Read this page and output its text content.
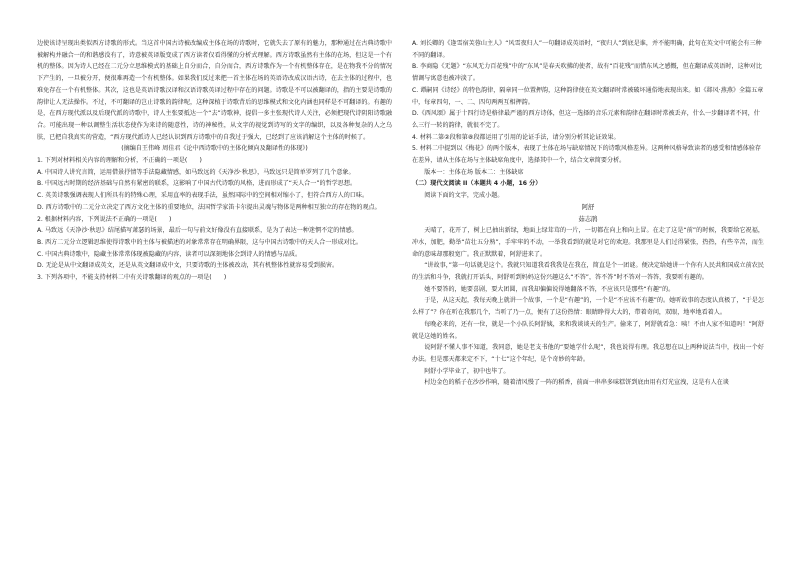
边使该诗呈现出类似西方诗歌的形式。当这首中国古诗被改编成主体在场的诗歌时，它就失去了原有的魅力，那种通过在古典诗歌中被解构并融合一的和谐感没有了，诗意被英译版变成了西方读者仅看得懂的分析式理解。西方诗歌虽然有主体的在场，但这是一个有机的整体。因为诗人已经在二元分立思维模式的基础上自分而合，自分而合，西方诗歌作为一个有机整体存在，是在物我不分的情况下产生的，一旦被分开，便很难再造一个有机整体。如果我们反过来把一首主体在场的英语诗改成汉语古诗，在去主体的过程中，也难免存在一个有机整体。其次，这也是英语诗歌汉译和汉语诗歌英译过程中存在的问题。诗歌是不可以被翻译的，指的主要是诗歌的韵律让人无法操作。不过，不可翻译的岂止诗歌的韵律呢，这种深植于诗歌背后的思维模式和文化内涵也同样是不可翻译的。有趣的是，在西方现代派以及后现代派的诗歌中，诗人主张要抵达一个“去”诗歌神，提倡一多主张现代诗人关注，必须把现代诗阴阳诗歌融合。可能出现一种以调整生活状态使作为来诗的随意性，诗的神秘性，从文字的视觉到诗写的文字的编织，以及各种复杂的人之乌肤，已把自我真实的营造，“西方现代派诗人已经认识到西方诗歌中的自我过于强大，已经到了应该消解这个主体的时候了。

(摘编自王伟峰 周佳君《论中西诗歌中的主体化倾向及翻译性的体现》)

1. 下列对材料相关内容的理解和分析，不正确的一项是(　　)

A. 中国诗人讲究言简，运用借景抒情等手法隐藏情感，如马致远的《天净沙·秋思》，马致远只是简单罗列了几个意象。

B. 中国远古时期的经济基础与自然有紧密的联系，这影响了中国古代诗歌的风格，进而形成了“天人合一”的哲学思想。

C. 英美诗歌强调表现人们所具有的特殊心理，采用直率的表现手法，虽然国际中的空间相对缩小了，但符合西方人的口味。

D. 西方诗歌中的二元分立决定了西方文化主体的重要地位，法国哲学家笛卡尔提出灵魂与物体是两种相互独立的存在物的观点。

2. 根据材料内容，下列说法不正确的一项是(　　)

A. 马致远《天净沙·秋思》结尾描写萧瑟的场景，最后一句与前文好像没有直接联系，是为了表达一种迷惘不定的情感。

B. 西方二元分立逻辑思维使得诗歌中的主体与被描述的对象常常存在明确界限，这与中国古诗歌中的天人合一形成对比。

C. 中国古典诗歌中，隐藏主体常常体现被隐藏的内容，读者可以深刻地体会到诗人的情感与品质。

D. 无论是从中文翻译成英文，还是从英文翻译成中文，只要诗歌的主体被改动，其有机整体性就容易受到损害。

3. 下列各项中，不能支持材料二中有关诗歌翻译的观点的一项是(　　)

A. 刘长卿的《逢雪宿芙蓉山主人》“风雪夜归人”一句翻译成英语时，“夜归人”到底是谁，并不能明确，此句在英文中可能会有三种不同的翻译。

B. 李商隐《无题》“东风无力百花残”中的“东风”是春天吹拂的使者，故有“百花残”而惜东风之感慨，但在翻译成英语时，这种对比情调与寓意也被冲淡了。

C. 谭嗣同《诗经》的特色韵律，隔章同一位置押韵，这种韵律使在英文翻译时常被破坏通俗地表现出来。如《邶风·燕燕》全篇五章中，每章四句，一、二、四句两两互相押韵。

D.《西风颂》属于十四行诗是格律最严谨的西方诗体，但这一选择的音乐元素和韵律在翻译时常被丢弃，什么一步翻译者不同，什么三行一转的韵律，就很不完了。

4. 材料二第②段和第⑧段都运用了引用的论证手法，请分别分析其论证效果。

5. 材料二中提到以《梅花》的两个版本，表现了主体在场与缺席情况下的诗歌风格差异。这两种风格导致读者的感受和情感体验存在差异，请从主体在场与主体缺席角度中，选择其中一个，结合文章简要分析。

版本一：主体在场 版本二：主体缺席

（二）现代文阅读 II（本题共 4 小题，16 分）

阅读下面的文字，完成小题。

阿舒

茹志鹃

天晴了，花开了，树上已抽出新绿，地面上绿茸茸的一片，一切都在向上和向上冒。在走了这是“前”的时候，我要给它祝福，冲水，加肥，勤举“苗壮五分熟”，手牢牢的不动，一举我看到的就是对它的欢迎。我那里是人们过得紧张，热热，有些辛苦，而生命的意味却那般宽广。我正默默着，阿舒进来了。

“讲故事，”第一句话就是这个。我就只知道我看我我是在我在，简直是个一团谜。便决定给她讲一个你有人民共和国成立前农民的生活和斗争，我就打开话头，阿舒听到妈妈这份兴趣这么“不答”，答不答”时不答对一答答，我要听有趣的。

她不要答的，她要喜剧，要大团圆，而我却偏偏说得她翻落不答，不应该只是那些“有趣”的。

于是，从这天起，我每天晚上就讲一个故事，一个是“有趣”的，一个是“不应该不有趣”的。她听故事的态度认真极了，“于是怎么样了”？你在听在我那几个，当听了乃一点，便有了这份热情：眼睛睁得大大的，带着奇问，双眼，地率地看着人。

每晚必来的，还有一位，就是一个小队长阿舒姨，来和我谈谈天的生产。偷来了，阿舒就看急：咦！不由人家不知道吗！”阿舒就是这她的姓名。

说阿舒不懂人事不知道，我同意，她是老支书他的“要她学什么呢”，我也说得有理。我总想在以上两种说法当中，找出一个好办法。但是那天都来定不下，“十七”这个年纪，是个奇妙的年龄。

阿舒小学毕业了，初中也毕了。

村边金色的稻子在沙沙作响，随着清风慢了一阵的稻香，前面一串串多味糕饼到底由用有灯光宣洩，这是有人在谈
